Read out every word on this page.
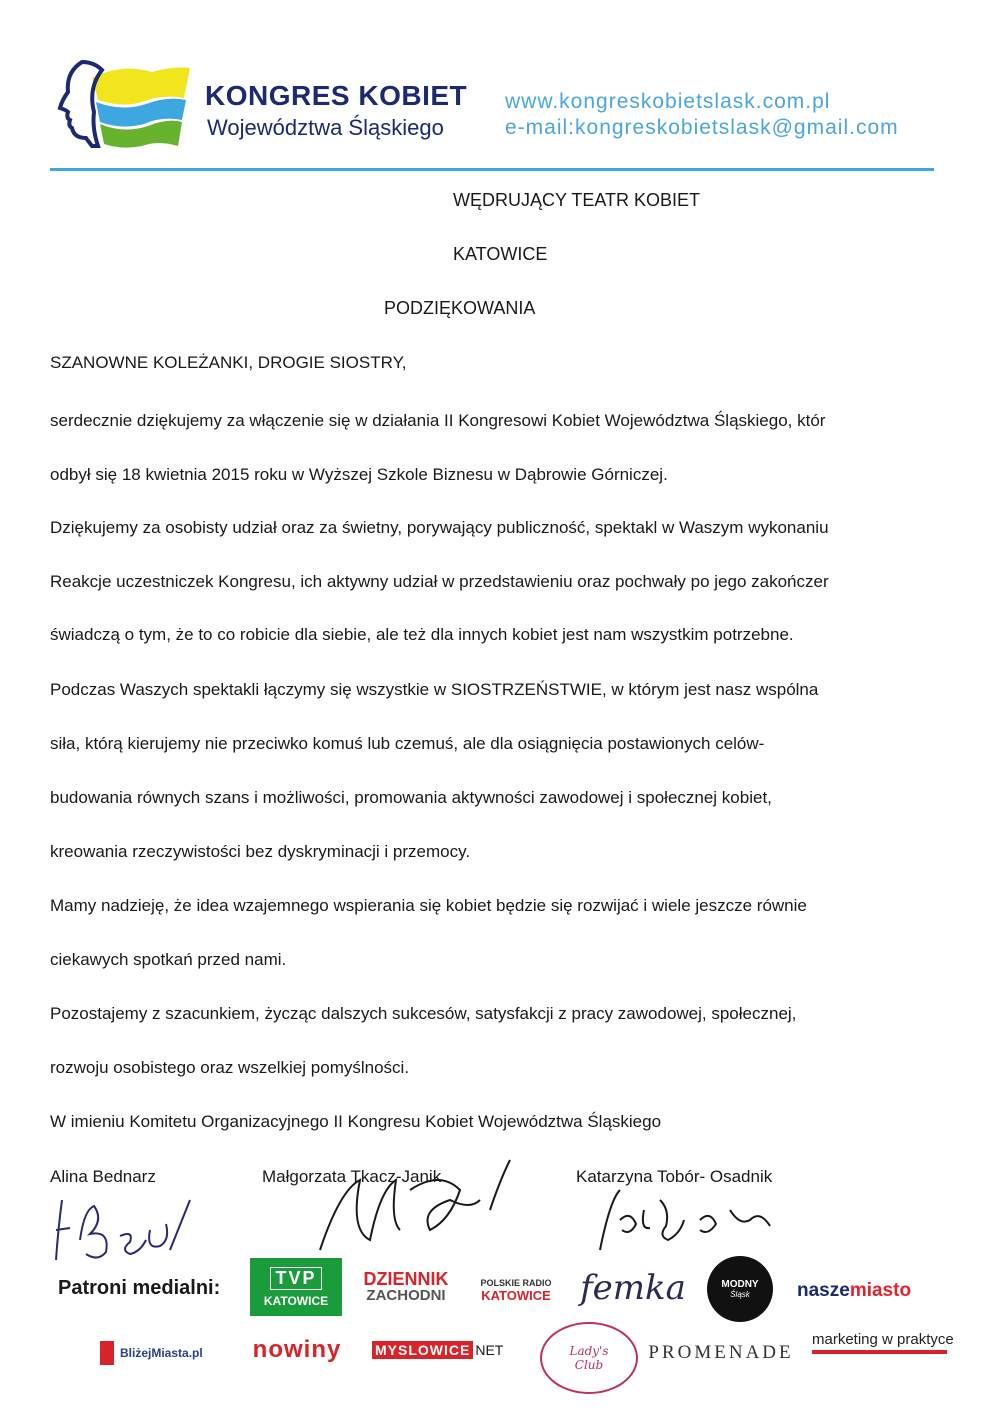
KONGRES KOBIET
Województwa Śląskiego
www.kongreskobietslask.com.pl
e-mail:kongreskobietslask@gmail.com
WĘDRUJĄCY TEATR KOBIET
KATOWICE
PODZIĘKOWANIA
SZANOWNE KOLEŻANKI, DROGIE SIOSTRY,
serdecznie dziękujemy za włączenie się w działania II Kongresowi Kobiet Województwa Śląskiego, któr
odbył się 18 kwietnia 2015 roku w Wyższej Szkole Biznesu w Dąbrowie Górniczej.
Dziękujemy za osobisty udział oraz za świetny, porywający publiczność, spektakl w Waszym wykonaniu
Reakcje uczestniczek Kongresu, ich aktywny udział w przedstawieniu oraz pochwały po jego zakończer
świadczą o tym, że to co robicie dla siebie, ale też dla innych kobiet jest nam wszystkim potrzebne.
Podczas Waszych spektakli łączymy się wszystkie w SIOSTRZEŃSTWIE, w którym jest nasz wspólna
siła, którą kierujemy nie przeciwko komuś lub czemuś, ale dla osiągnięcia postawionych celów-
budowania równych szans i możliwości, promowania aktywności zawodowej i społecznej kobiet,
kreowania rzeczywistości bez dyskryminacji i przemocy.
Mamy nadzieję, że idea wzajemnego wspierania się kobiet będzie się rozwijać i wiele jeszcze równie
ciekawych spotkań przed nami.
Pozostajemy z szacunkiem, życząc dalszych sukcesów, satysfakcji z pracy zawodowej, społecznej,
rozwoju osobistego oraz wszelkiej pomyślności.
W imieniu Komitetu Organizacyjnego II Kongresu Kobiet Województwa Śląskiego
Alina Bednarz	Małgorzata Tkacz-Janik	Katarzyna Tobór- Osadnik
Patroni medialni:	TVP
KATOWICE
DZIENNIK
ZACHODNI
POLSKIE RADIO
KATOWICE femka	MODNY
Śląsk nasze miasto
BliżejMiasta.pl nowiny MYSLOWICE NET	Lady's
Club
PROMENADE
marketing w praktyce
